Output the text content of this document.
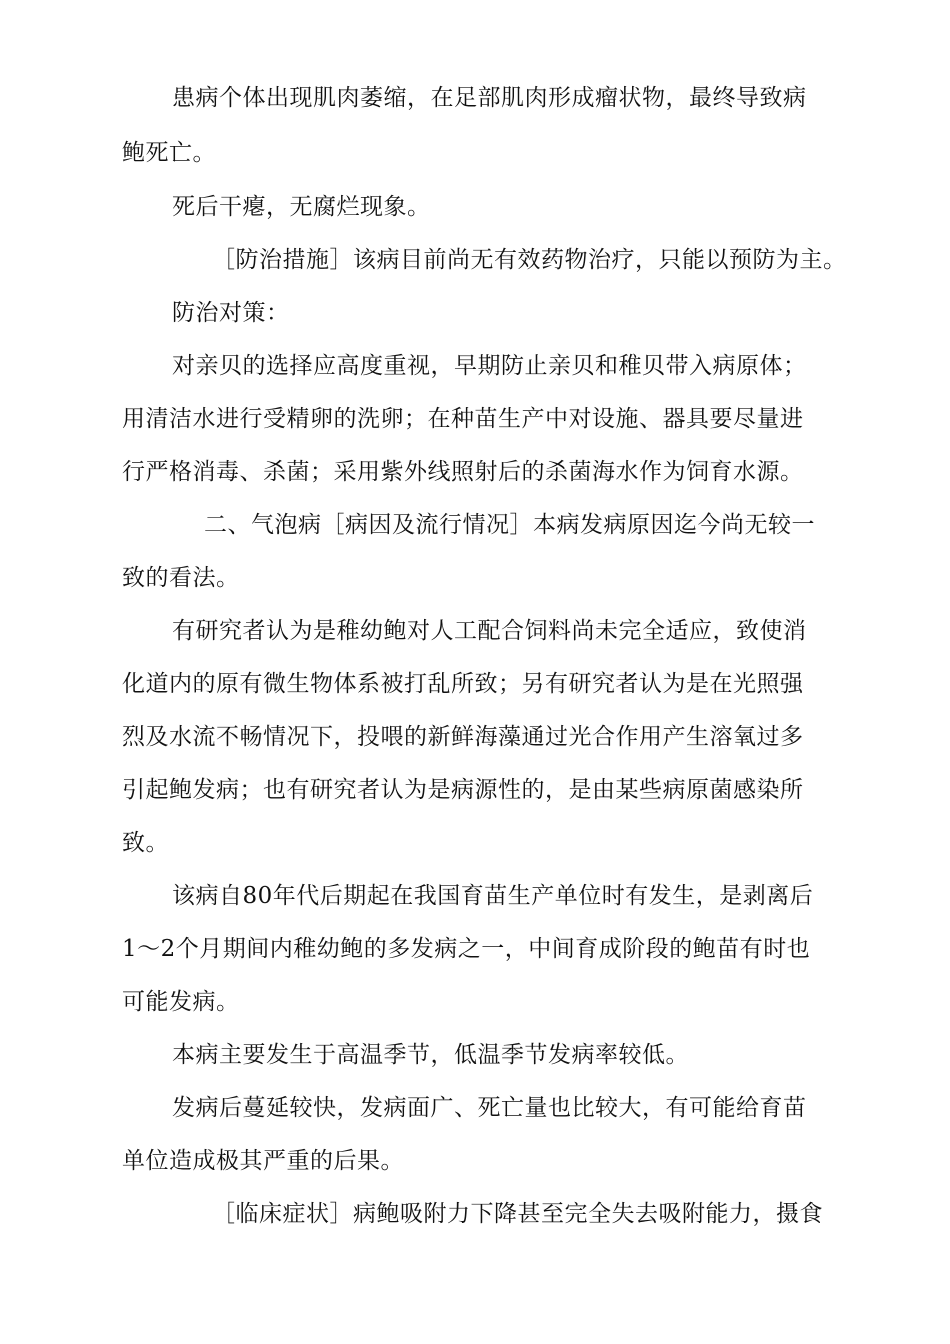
患病个体出现肌肉萎缩，在足部肌肉形成瘤状物，最终导致病
鲍死亡。
死后干瘪，无腐烂现象。
［防治措施］该病目前尚无有效药物治疗，只能以预防为主。
防治对策：
对亲贝的选择应高度重视，早期防止亲贝和稚贝带入病原体；
用清洁水进行受精卵的洗卵；在种苗生产中对设施、器具要尽量进
行严格消毒、杀菌；采用紫外线照射后的杀菌海水作为饲育水源。
二、气泡病［病因及流行情况］本病发病原因迄今尚无较一
致的看法。
有研究者认为是稚幼鲍对人工配合饲料尚未完全适应，致使消
化道内的原有微生物体系被打乱所致；另有研究者认为是在光照强
烈及水流不畅情况下，投喂的新鲜海藻通过光合作用产生溶氧过多
引起鲍发病；也有研究者认为是病源性的，是由某些病原菌感染所
致。
该病自80年代后期起在我国育苗生产单位时有发生，是剥离后
1〜2个月期间内稚幼鲍的多发病之一，中间育成阶段的鲍苗有时也
可能发病。
本病主要发生于高温季节，低温季节发病率较低。
发病后蔓延较快，发病面广、死亡量也比较大，有可能给育苗
单位造成极其严重的后果。
［临床症状］病鲍吸附力下降甚至完全失去吸附能力，摄食
